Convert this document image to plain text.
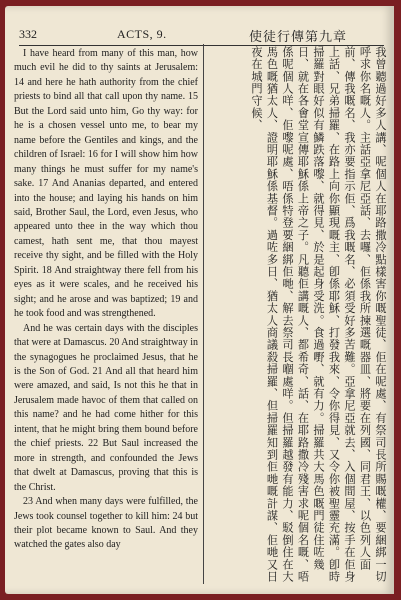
332	ACTS, 9.	使徒行傳第九章

I have heard from many of this man, how much evil he did to thy saints at Jerusalem: 14 and here he hath authority from the chief priests to bind all that call upon thy name. 15 But the Lord said unto him, Go thy way: for he is a chosen vessel unto me, to bear my name before the Gentiles and kings, and the children of Israel: 16 for I will show him how many things he must suffer for my name's sake. 17 And Ananias departed, and entered into the house; and laying his hands on him said, Brother Saul, the Lord, even Jesus, who appeared unto thee in the way which thou camest, hath sent me, that thou mayest receive thy sight, and be filled with the Holy Spirit. 18 And straightway there fell from his eyes as it were scales, and he received his sight; and he arose and was baptized; 19 and he took food and was strengthened.

And he was certain days with the disciples that were at Damascus. 20 And straightway in the synagogues he proclaimed Jesus, that he is the Son of God. 21 And all that heard him were amazed, and said, Is not this he that in Jerusalem made havoc of them that called on this name? and he had come hither for this intent, that he might bring them bound before the chief priests. 22 But Saul increased the more in strength, and confounded the Jews that dwelt at Damascus, proving that this is the Christ.

23 And when many days were fulfilled, the Jews took counsel together to kill him: 24 but their plot became known to Saul. And they watched the gates also day	我曾聽過好多人講、呢個人在耶路撒冷點樣害你嘅聖徒、佢在呢處、有祭司長所賜嘅權、要綑綁一切呼求你名嘅人。主話亞拿尼亞話、去囉、佢係我所揀選嘅器皿、將要在列國、同君王、以色列人面前、傳我嘅名、我亦要指示佢、爲我嘅名、必須受好多苦難。亞拿尼亞就去、入個間屋、按手在佢身上話、兄弟掃羅、在路上向你顯現嘅主、卽係耶穌、打發我來、令你得見、又令你被聖靈充滿。卽時掃羅對眼好似有鱗跌落嚟、就得見、於是起身受洗。食過嘢、就有力。掃羅共大馬色嘅門徒住咗幾日、就在各會堂宣傳耶穌係上帝之子。凡聽佢講嘅人、都希奇、話、在耶路撒冷殘害求呢個名嘅、唔係呢個人咩、佢嚟呢處、唔係特登要綑綁佢哋、解去祭司長嗰處咩。但掃羅越發有能力、駁倒住在大馬色嘅猶太人、證明耶穌係基督。過咗多日、猶太人商議殺掃羅、但掃羅知到佢哋嘅計謀、佢哋又日夜在城門守候、
